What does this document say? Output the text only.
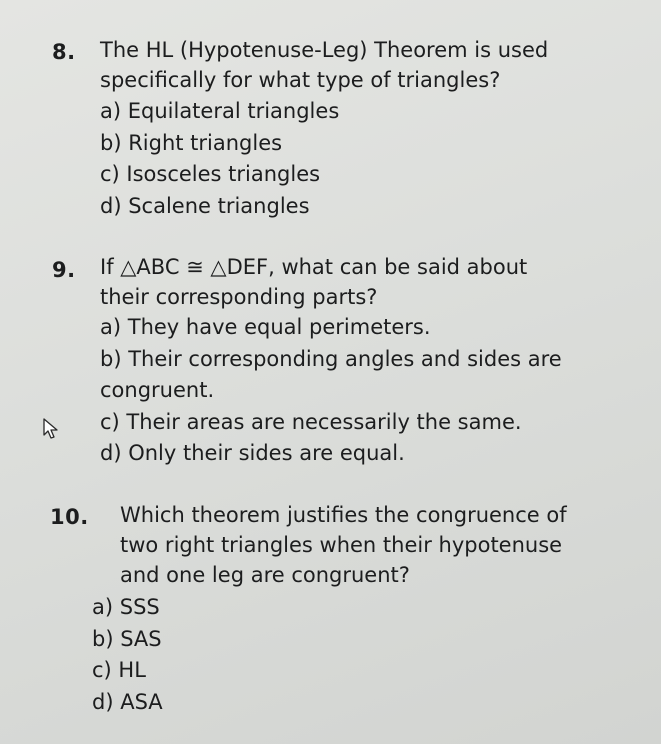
8. The HL (Hypotenuse-Leg) Theorem is used
specifically for what type of triangles?
a) Equilateral triangles
b) Right triangles
c) Isosceles triangles
d) Scalene triangles
9. If △ABC ≅ △DEF, what can be said about
their corresponding parts?
a) They have equal perimeters.
b) Their corresponding angles and sides are
congruent.
c) Their areas are necessarily the same.
d) Only their sides are equal.
10. Which theorem justifies the congruence of
two right triangles when their hypotenuse
and one leg are congruent?
a) SSS
b) SAS
c) HL
d) ASA
